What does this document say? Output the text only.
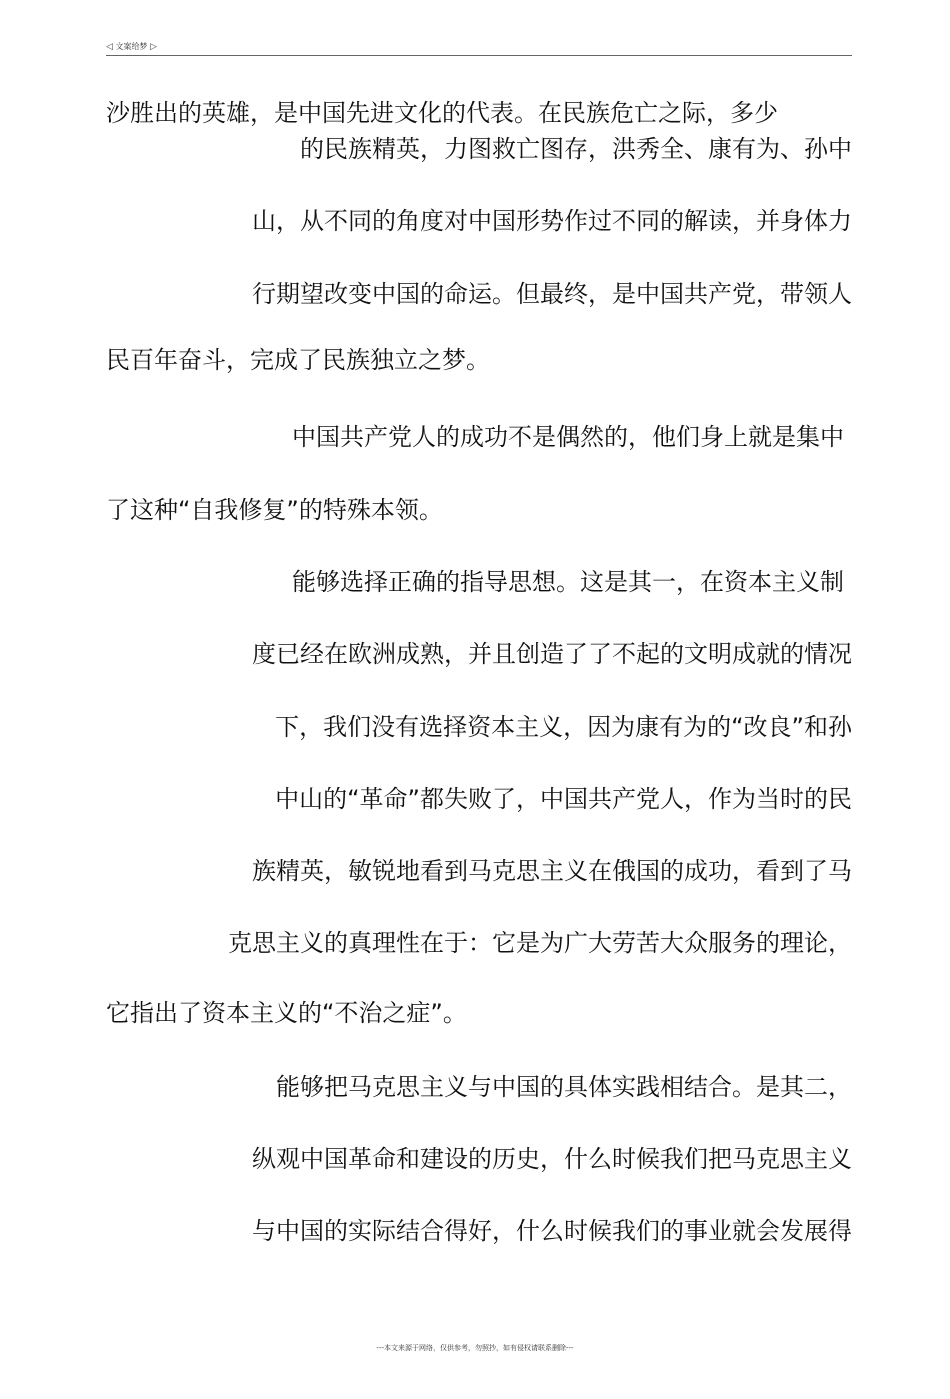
◁ 文案给梦 ▷
沙胜出的英雄，是中国先进文化的代表。在民族危亡之际，多少
的民族精英，力图救亡图存，洪秀全、康有为、孙中
山，从不同的角度对中国形势作过不同的解读，并身体力
行期望改变中国的命运。但最终，是中国共产党，带领人
民百年奋斗，完成了民族独立之梦。
中国共产党人的成功不是偶然的，他们身上就是集中
了这种“自我修复”的特殊本领。
能够选择正确的指导思想。这是其一，在资本主义制
度已经在欧洲成熟，并且创造了了不起的文明成就的情况
下，我们没有选择资本主义，因为康有为的“改良”和孙
中山的“革命”都失败了，中国共产党人，作为当时的民
族精英，敏锐地看到马克思主义在俄国的成功，看到了马
克思主义的真理性在于：它是为广大劳苦大众服务的理论，
它指出了资本主义的“不治之症”。
能够把马克思主义与中国的具体实践相结合。是其二，
纵观中国革命和建设的历史，什么时候我们把马克思主义
与中国的实际结合得好，什么时候我们的事业就会发展得
---本文来源于网络，仅供参考，勿照抄，如有侵权请联系删除---
